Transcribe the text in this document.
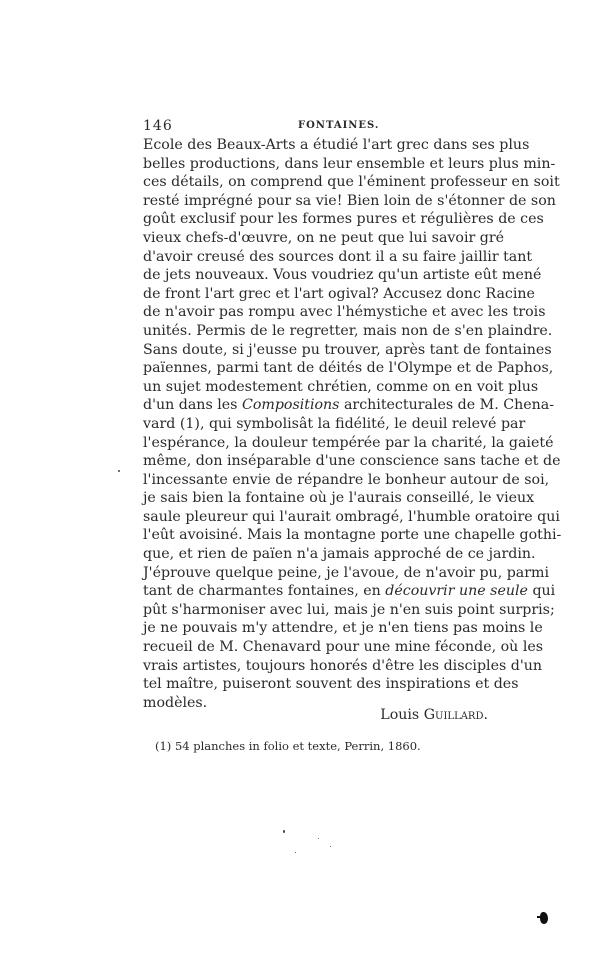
146	FONTAINES.
Ecole des Beaux-Arts a étudié l'art grec dans ses plus
belles productions, dans leur ensemble et leurs plus min-
ces détails, on comprend que l'éminent professeur en soit
resté imprégné pour sa vie! Bien loin de s'étonner de son
goût exclusif pour les formes pures et régulières de ces
vieux chefs-d'œuvre, on ne peut que lui savoir gré
d'avoir creusé des sources dont il a su faire jaillir tant
de jets nouveaux. Vous voudriez qu'un artiste eût mené
de front l'art grec et l'art ogival? Accusez donc Racine
de n'avoir pas rompu avec l'hémystiche et avec les trois
unités. Permis de le regretter, mais non de s'en plaindre.
Sans doute, si j'eusse pu trouver, après tant de fontaines
païennes, parmi tant de déités de l'Olympe et de Paphos,
un sujet modestement chrétien, comme on en voit plus
d'un dans les Compositions architecturales de M. Chena-
vard (1), qui symbolisât la fidélité, le deuil relevé par
l'espérance, la douleur tempérée par la charité, la gaieté
même, don inséparable d'une conscience sans tache et de
l'incessante envie de répandre le bonheur autour de soi,
je sais bien la fontaine où je l'aurais conseillé, le vieux
saule pleureur qui l'aurait ombragé, l'humble oratoire qui
l'eût avoisiné. Mais la montagne porte une chapelle gothi-
que, et rien de païen n'a jamais approché de ce jardin.
J'éprouve quelque peine, je l'avoue, de n'avoir pu, parmi
tant de charmantes fontaines, en découvrir une seule qui
pût s'harmoniser avec lui, mais je n'en suis point surpris;
je ne pouvais m'y attendre, et je n'en tiens pas moins le
recueil de M. Chenavard pour une mine féconde, où les
vrais artistes, toujours honorés d'être les disciples d'un
tel maître, puiseront souvent des inspirations et des
modèles.
Louis Guillard.
(1) 54 planches in folio et texte, Perrin, 1860.
